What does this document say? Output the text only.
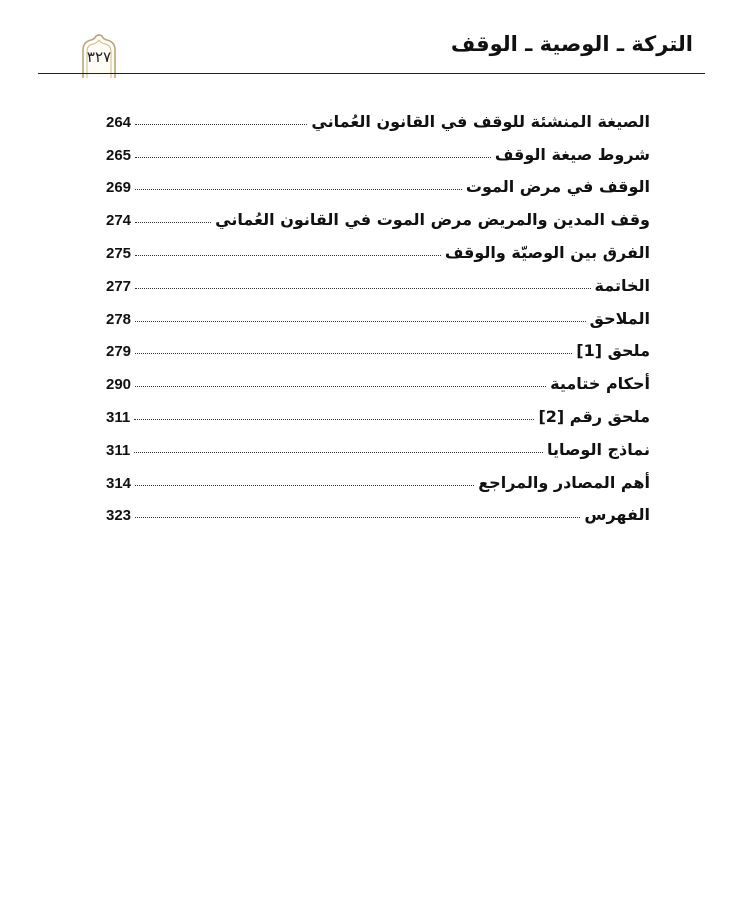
التركة ـ الوصية ـ الوقف
٣٢٧
الصيغة المنشئة للوقف في القانون العُماني
264
شروط صيغة الوقف
265
الوقف في مرض الموت
269
وقف المدين والمريض مرض الموت في القانون العُماني
274
الفرق بين الوصيّة والوقف
275
الخاتمة
277
الملاحق
278
ملحق [1]
279
أحكام ختامية
290
ملحق رقم [2]
311
نماذج الوصايا
311
أهم المصادر والمراجع
314
الفهرس
323
